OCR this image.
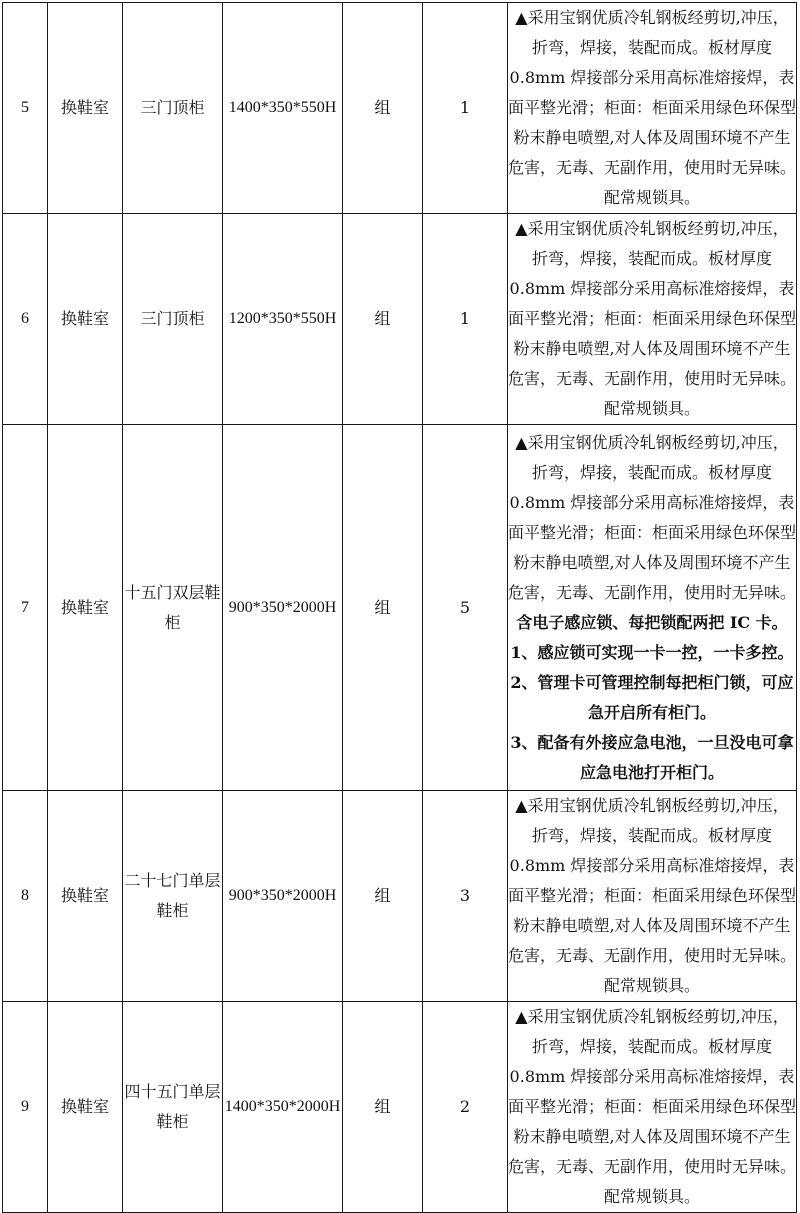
5	换鞋室	三门顶柜	1400*350*550H	组	1	▲采用宝钢优质冷轧钢板经剪切,冲压，折弯，焊接，装配而成。板材厚度 0.8mm 焊接部分采用高标准熔接焊，表面平整光滑；柜面：柜面采用绿色环保型粉末静电喷塑,对人体及周围环境不产生危害，无毒、无副作用，使用时无异味。配常规锁具。
6	换鞋室	三门顶柜	1200*350*550H	组	1	▲采用宝钢优质冷轧钢板经剪切,冲压，折弯，焊接，装配而成。板材厚度 0.8mm 焊接部分采用高标准熔接焊，表面平整光滑；柜面：柜面采用绿色环保型粉末静电喷塑,对人体及周围环境不产生危害，无毒、无副作用，使用时无异味。配常规锁具。
7	换鞋室	十五门双层鞋柜	900*350*2000H	组	5	▲采用宝钢优质冷轧钢板经剪切,冲压，折弯，焊接，装配而成。板材厚度 0.8mm 焊接部分采用高标准熔接焊，表面平整光滑；柜面：柜面采用绿色环保型粉末静电喷塑,对人体及周围环境不产生危害，无毒、无副作用，使用时无异味。含电子感应锁、每把锁配两把 IC 卡。1、感应锁可实现一卡一控，一卡多控。
2、管理卡可管理控制每把柜门锁，可应急开启所有柜门。
3、配备有外接应急电池，一旦没电可拿应急电池打开柜门。

8	换鞋室	二十七门单层鞋柜	900*350*2000H	组	3	▲采用宝钢优质冷轧钢板经剪切,冲压，折弯，焊接，装配而成。板材厚度 0.8mm 焊接部分采用高标准熔接焊，表面平整光滑；柜面：柜面采用绿色环保型粉末静电喷塑,对人体及周围环境不产生危害，无毒、无副作用，使用时无异味。配常规锁具。
9	换鞋室	四十五门单层鞋柜	1400*350*2000H	组	2	▲采用宝钢优质冷轧钢板经剪切,冲压，折弯，焊接，装配而成。板材厚度 0.8mm 焊接部分采用高标准熔接焊，表面平整光滑；柜面：柜面采用绿色环保型粉末静电喷塑,对人体及周围环境不产生危害，无毒、无副作用，使用时无异味。配常规锁具。
